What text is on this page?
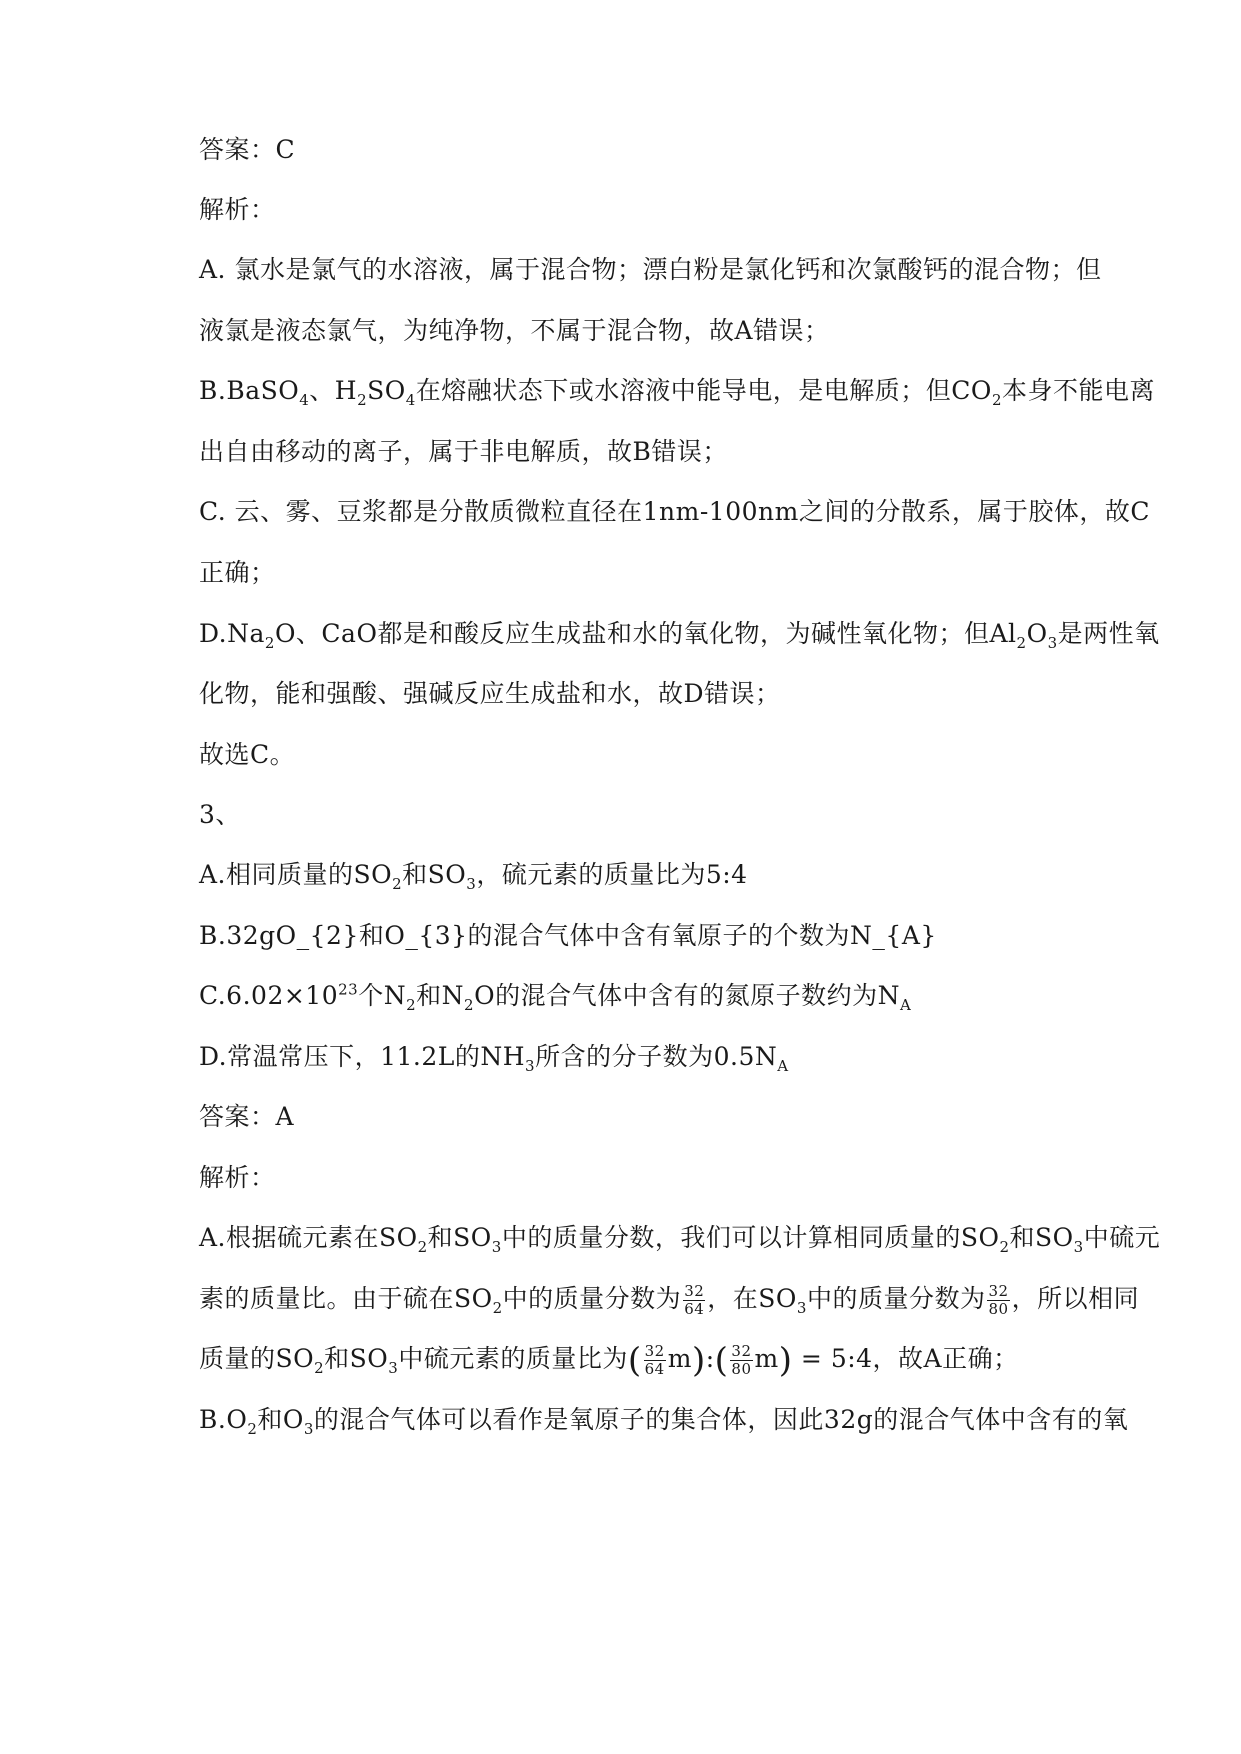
答案：C
解析：
A. 氯水是氯气的水溶液，属于混合物；漂白粉是氯化钙和次氯酸钙的混合物；但
液氯是液态氯气，为纯净物，不属于混合物，故A错误；
B.BaSO$_4$、$H_2SO_4$在熔融状态下或水溶液中能导电，是电解质；但$CO_2$本身不能电离
出自由移动的离子，属于非电解质，故B错误；
C. 云、雾、豆浆都是分散质微粒直径在1nm-100nm之间的分散系，属于胶体，故C
正确；
$D.Na_2O$、CaO都是和酸反应生成盐和水的氧化物，为碱性氧化物；但$Al_2O_3$是两性氧
化物，能和强酸、强碱反应生成盐和水，故D错误；
故选C。
3、
A.相同质量的$SO_2$和$SO_3$，硫元素的质量比为5:4
B.32gO_{2}和O_{3}的混合气体中含有氧原子的个数为N_{A}
$C.6.02\times 10^{23}$个$N_2$和$N_2O$的混合气体中含有的氮原子数约为$N_A$
D.常温常压下，11.2L的$NH_3$所含的分子数为$0.5N_A$
答案：A
解析：
A.根据硫元素在$SO_2$和$SO_3$中的质量分数，我们可以计算相同质量的$SO_2$和$SO_3$中硫元
素的质量比。由于硫在$SO_2$中的质量分数为 $\frac{32}{64}$ ，在$SO_3$中的质量分数为 $\frac{32}{80}$ ，所以相同
质量的$SO_2$和$SO_3$中硫元素的质量比为( $\frac{32}{64}$ m):( $\frac{32}{80} m$) = 5:4，故A正确；
$B.O_2$和$O_3$的混合气体可以看作是氧原子的集合体，因此32g的混合气体中含有的氧
